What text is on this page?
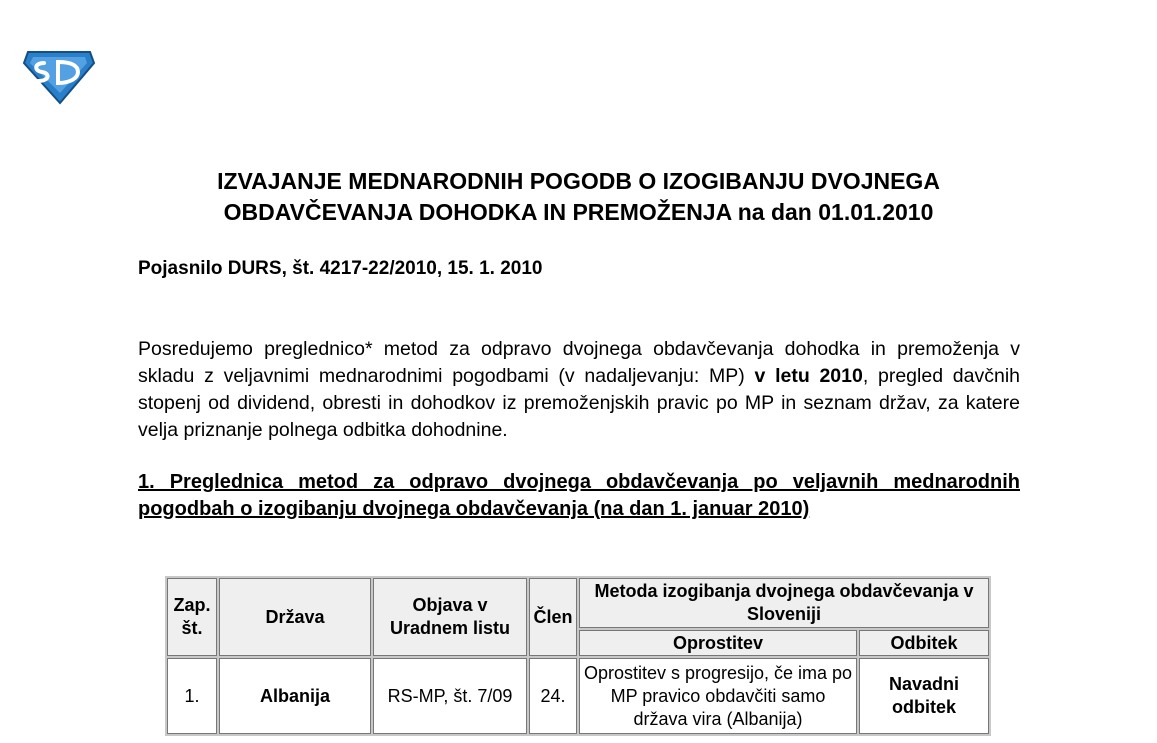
IZVAJANJE MEDNARODNIH POGODB O IZOGIBANJU DVOJNEGA
OBDAVČEVANJA DOHODKA IN PREMOŽENJA na dan 01.01.2010
Pojasnilo DURS, št. 4217-22/2010, 15. 1. 2010
Posredujemo preglednico* metod za odpravo dvojnega obdavčevanja dohodka in premoženja v skladu z veljavnimi mednarodnimi pogodbami (v nadaljevanju: MP) v letu 2010, pregled davčnih stopenj od dividend, obresti in dohodkov iz premoženjskih pravic po MP in seznam držav, za katere velja priznanje polnega odbitka dohodnine.
1. Preglednica metod za odpravo dvojnega obdavčevanja po veljavnih mednarodnih pogodbah o izogibanju dvojnega obdavčevanja (na dan 1. januar 2010)
Zap. št.	Država	Objava v Uradnem listu	Člen	Metoda izogibanja dvojnega obdavčevanja v Sloveniji	
				Oprostitev	Odbitek
1.	Albanija	RS-MP, št. 7/09	24.	Oprostitev s progresijo, če ima po MP pravico obdavčiti samo država vira (Albanija)	Navadni odbitek
